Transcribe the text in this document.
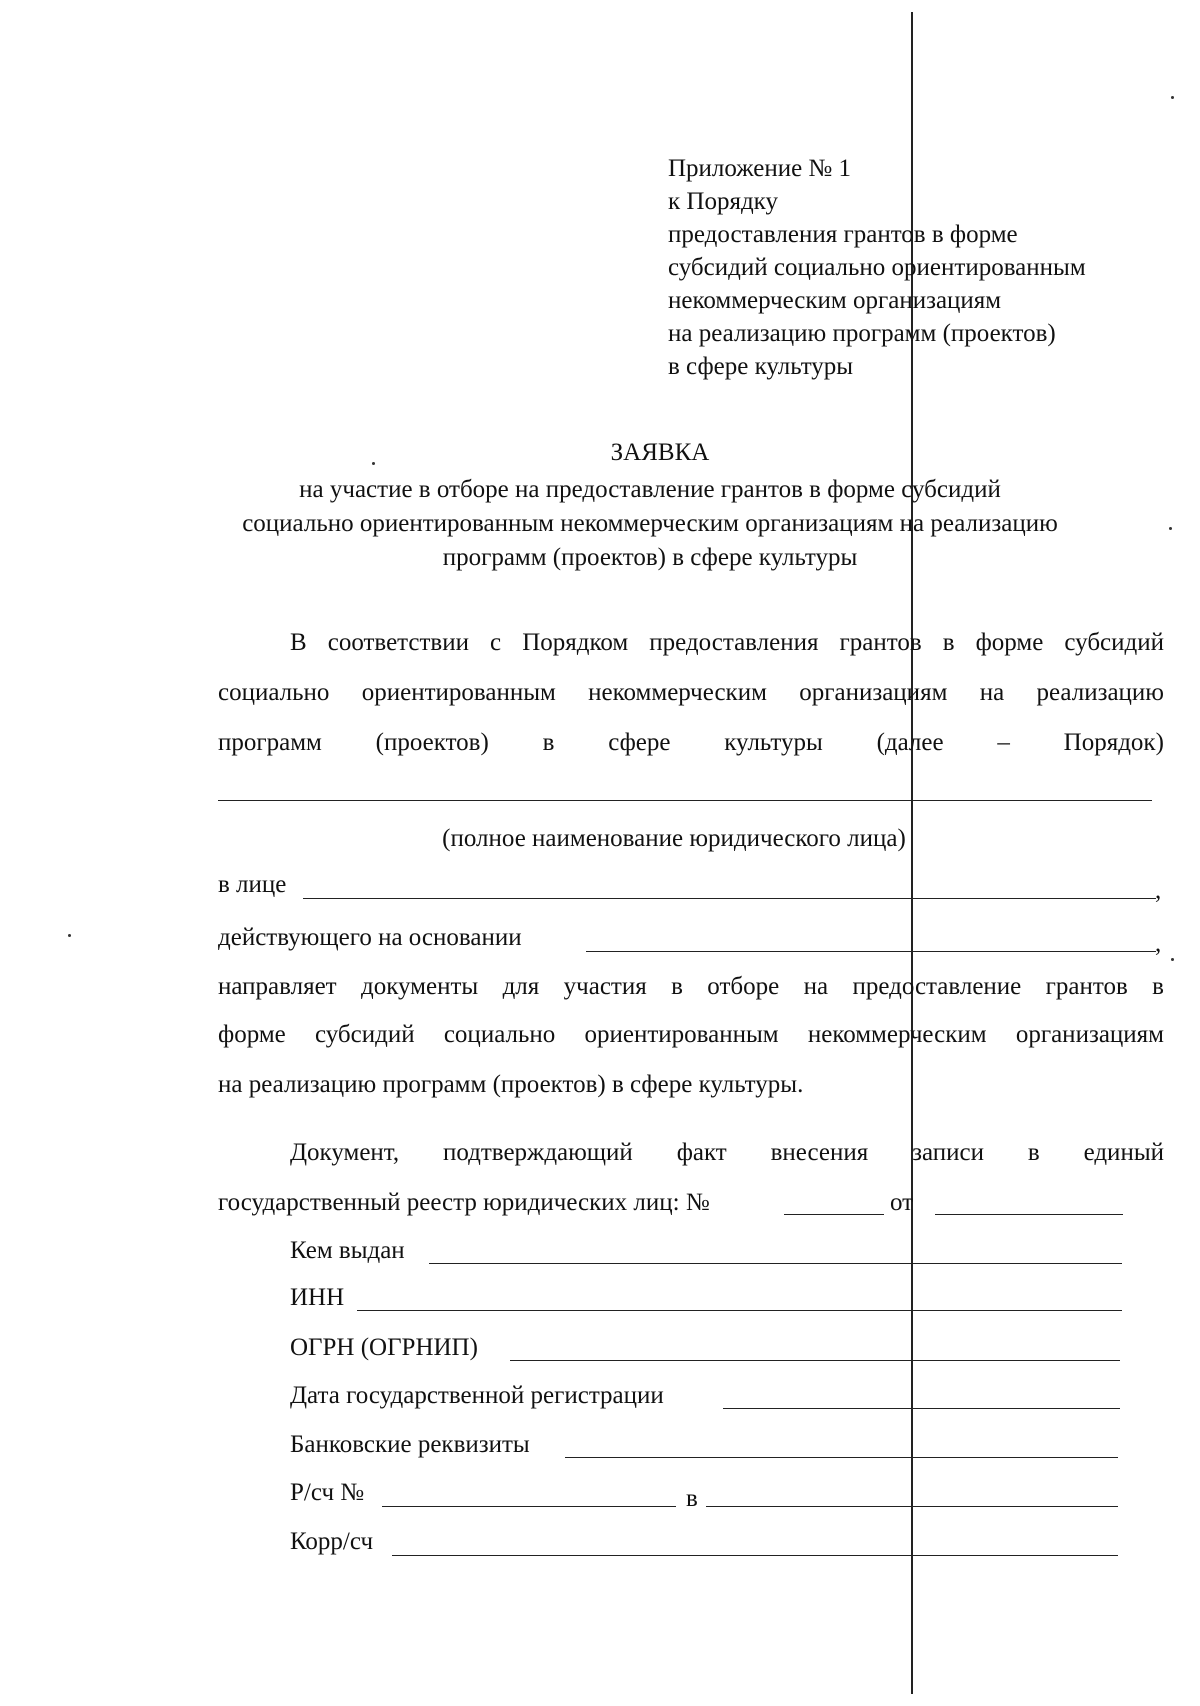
Приложение № 1
к Порядку
предоставления грантов в форме
субсидий социально ориентированным
некоммерческим организациям
на реализацию программ (проектов)
в сфере культуры
ЗАЯВКА
на участие в отборе на предоставление грантов в форме субсидий
социально ориентированным некоммерческим организациям на реализацию
программ (проектов) в сфере культуры
В соответствии с Порядком предоставления грантов в форме субсидий
социально ориентированным некоммерческим организациям на реализацию
программ (проектов) в сфере культуры (далее – Порядок)
(полное наименование юридического лица)
в лице	,
действующего на основании	,
направляет документы для участия в отборе на предоставление грантов в
форме субсидий социально ориентированным некоммерческим организациям
на реализацию программ (проектов) в сфере культуры.
Документ, подтверждающий факт внесения записи в единый
государственный реестр юридических лиц: №	от
Кем выдан
ИНН
ОГРН (ОГРНИП)
Дата государственной регистрации
Банковские реквизиты
Р/сч №	в
Корр/сч
